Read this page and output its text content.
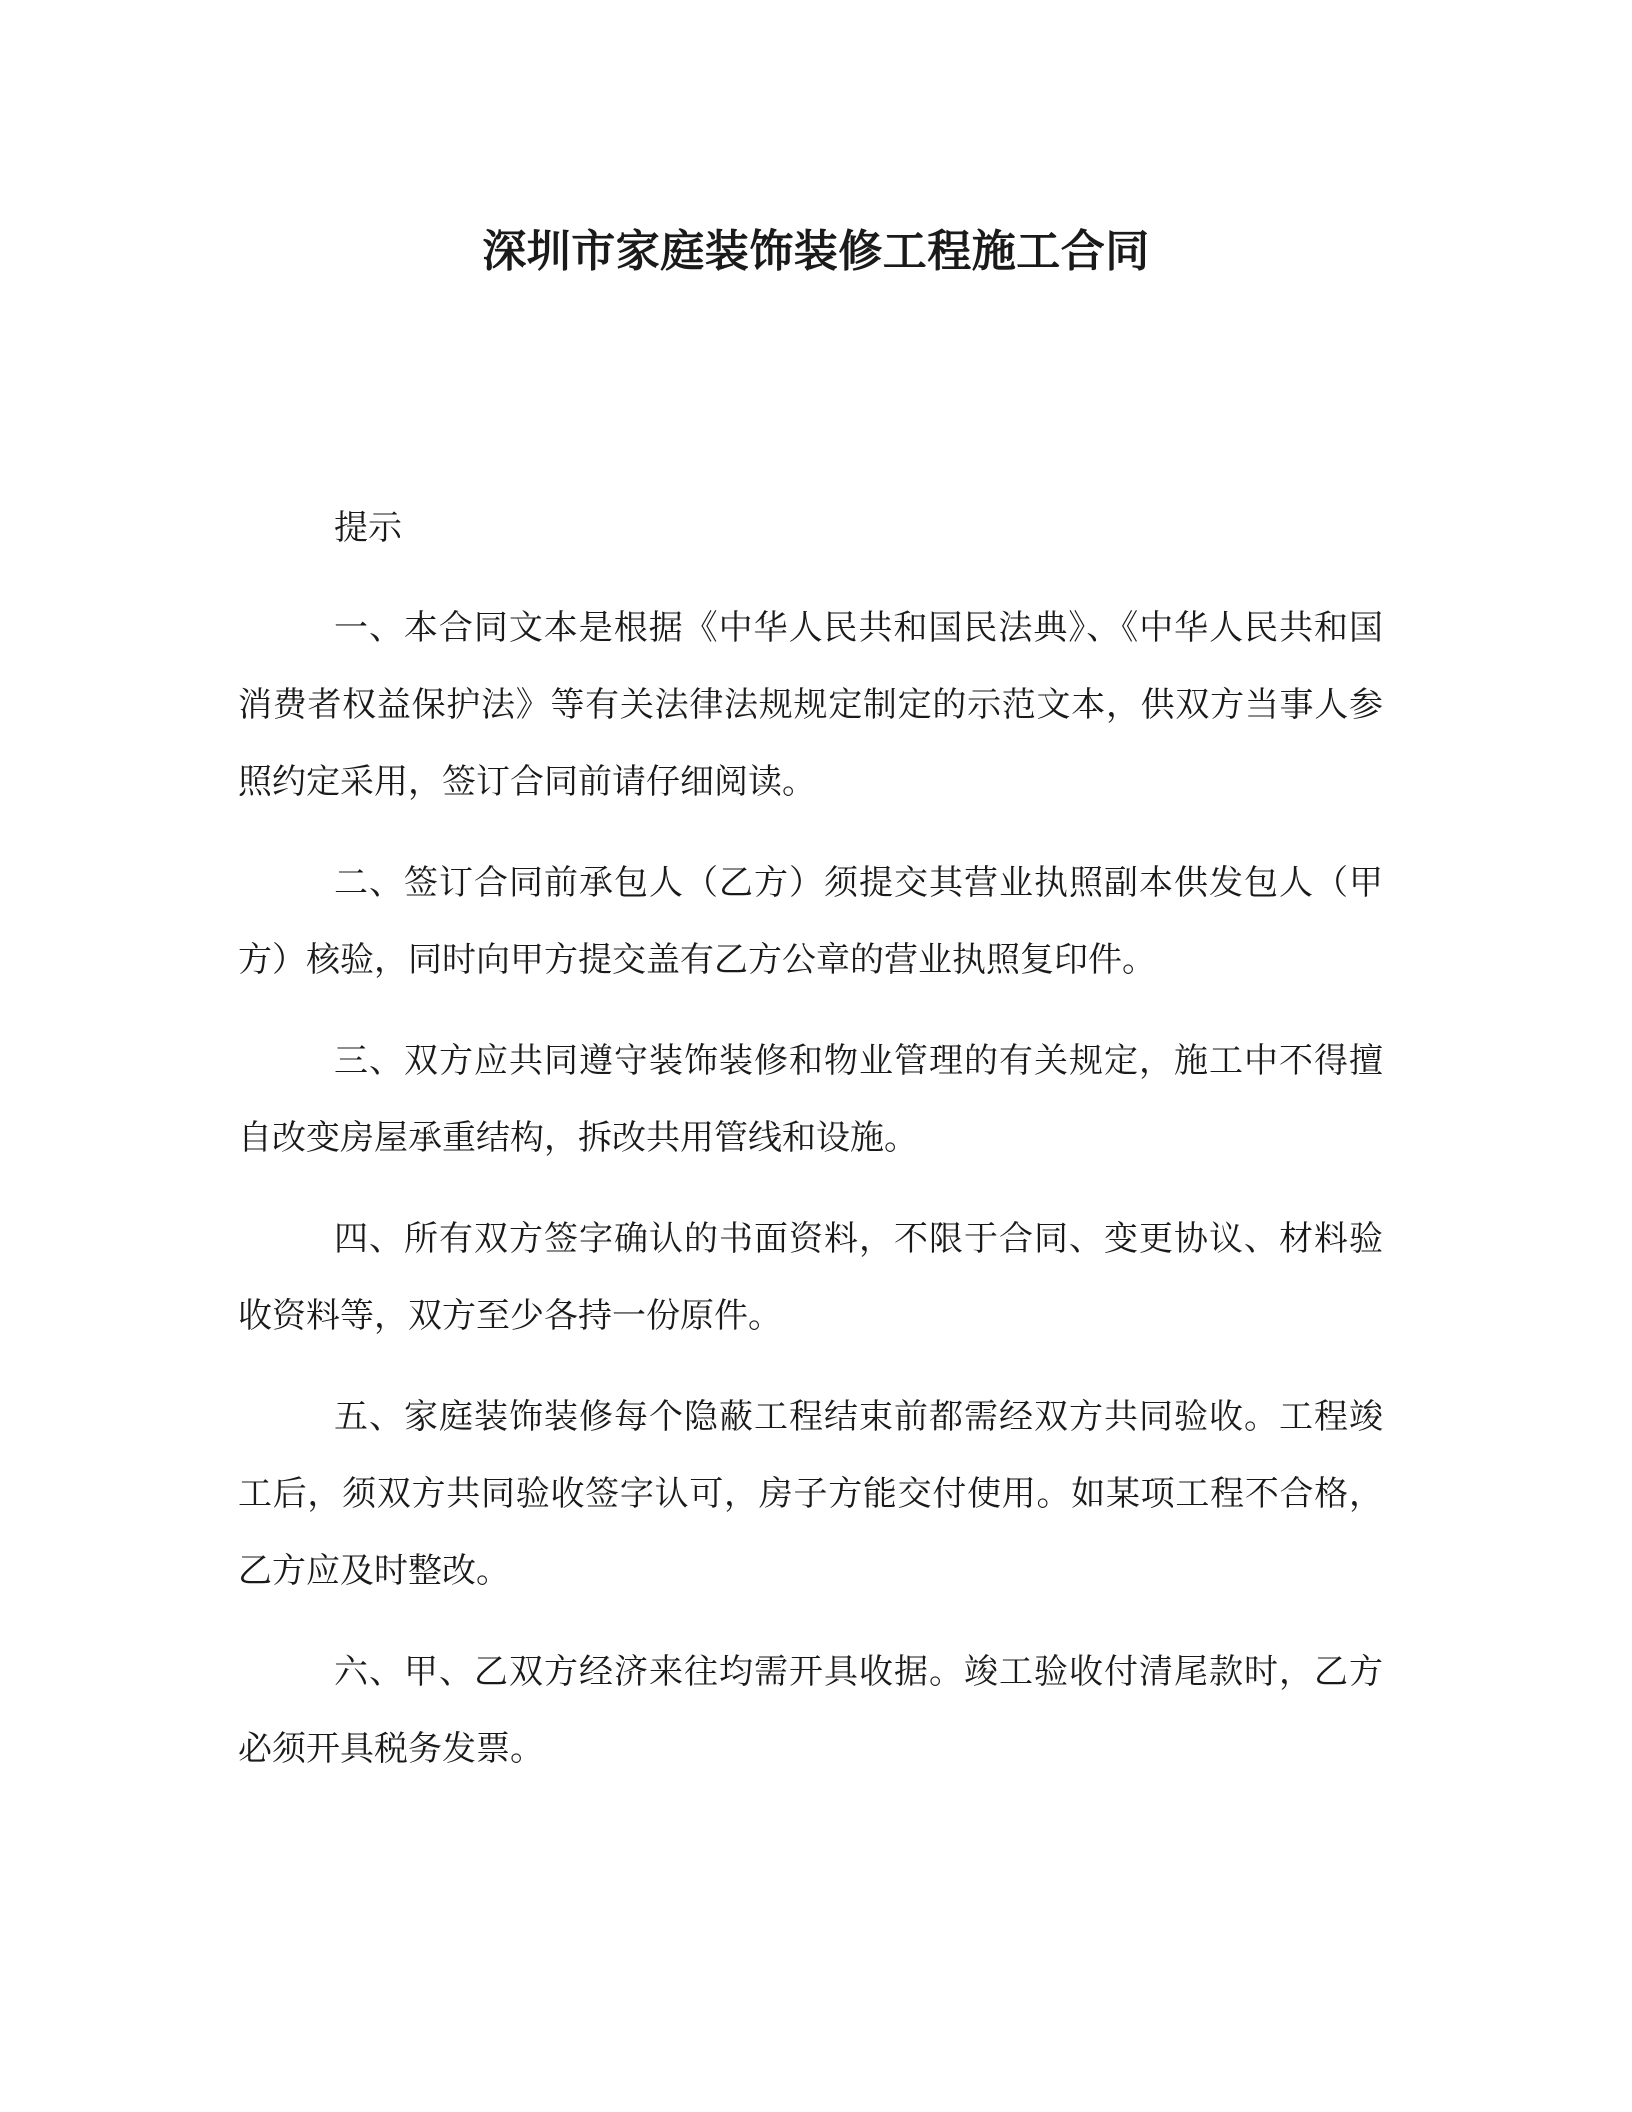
深圳市家庭装饰装修工程施工合同

提示

一、本合同文本是根据《中华人民共和国民法典》、《中华人民共和国消费者权益保护法》等有关法律法规规定制定的示范文本，供双方当事人参照约定采用，签订合同前请仔细阅读。

二、签订合同前承包人（乙方）须提交其营业执照副本供发包人（甲方）核验，同时向甲方提交盖有乙方公章的营业执照复印件。

三、双方应共同遵守装饰装修和物业管理的有关规定，施工中不得擅自改变房屋承重结构，拆改共用管线和设施。

四、所有双方签字确认的书面资料，不限于合同、变更协议、材料验收资料等，双方至少各持一份原件。

五、家庭装饰装修每个隐蔽工程结束前都需经双方共同验收。工程竣工后，须双方共同验收签字认可，房子方能交付使用。如某项工程不合格，乙方应及时整改。

六、甲、乙双方经济来往均需开具收据。竣工验收付清尾款时，乙方必须开具税务发票。
